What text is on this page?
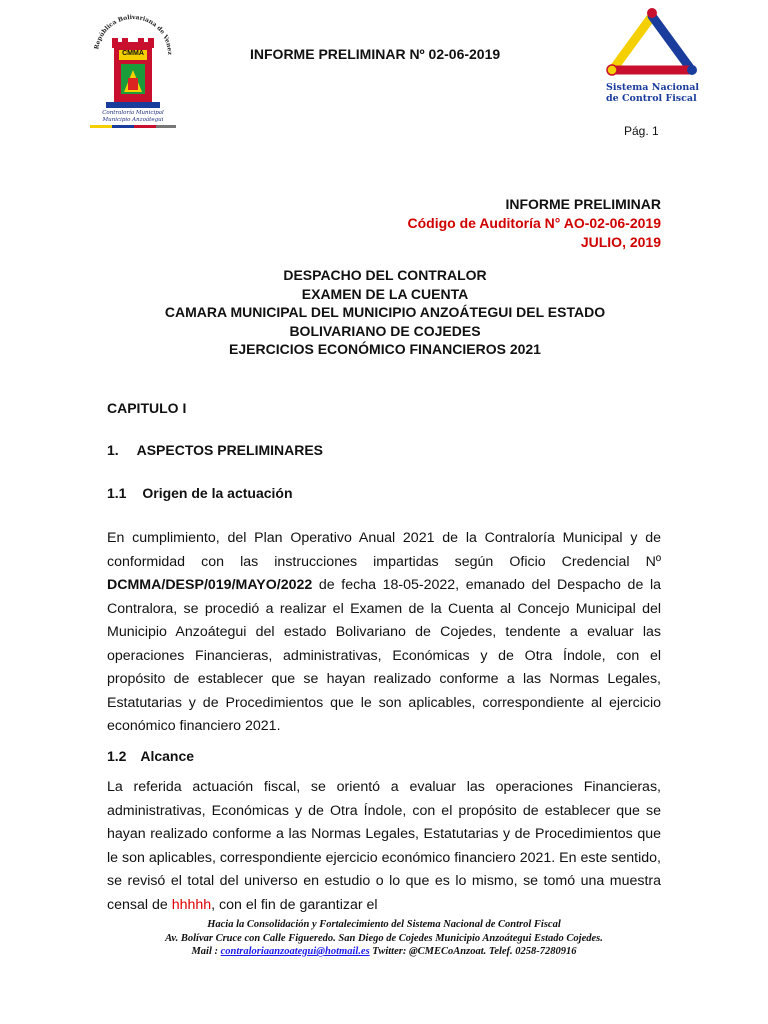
República Bolivariana de Venez
CMMA
Contraloría Municipal Municipio Anzoátegui
INFORME PRELIMINAR Nº 02-06-2019
Sistema Nacional
de Control Fiscal
Pág. 1
INFORME PRELIMINAR
Código de Auditoría N° AO-02-06-2019
JULIO, 2019
DESPACHO DEL CONTRALOR
EXAMEN DE LA CUENTA
CAMARA MUNICIPAL DEL MUNICIPIO ANZOÁTEGUI DEL ESTADO
BOLIVARIANO DE COJEDES
EJERCICIOS ECONÓMICO FINANCIEROS 2021
CAPITULO I
1. ASPECTOS PRELIMINARES
1.1 Origen de la actuación
En cumplimiento, del Plan Operativo Anual 2021 de la Contraloría Municipal y de conformidad con las instrucciones impartidas según Oficio Credencial Nº DCMMA/DESP/019/MAYO/2022 de fecha 18-05-2022, emanado del Despacho de la Contralora, se procedió a realizar el Examen de la Cuenta al Concejo Municipal del Municipio Anzoátegui del estado Bolivariano de Cojedes, tendente a evaluar las operaciones Financieras, administrativas, Económicas y de Otra Índole, con el propósito de establecer que se hayan realizado conforme a las Normas Legales, Estatutarias y de Procedimientos que le son aplicables, correspondiente al ejercicio económico financiero 2021.
1.2 Alcance
La referida actuación fiscal, se orientó a evaluar las operaciones Financieras, administrativas, Económicas y de Otra Índole, con el propósito de establecer que se hayan realizado conforme a las Normas Legales, Estatutarias y de Procedimientos que le son aplicables, correspondiente ejercicio económico financiero 2021. En este sentido, se revisó el total del universo en estudio o lo que es lo mismo, se tomó una muestra censal de hhhhh, con el fin de garantizar el
Hacia la Consolidación y Fortalecimiento del Sistema Nacional de Control Fiscal
Av. Bolívar Cruce con Calle Figueredo. San Diego de Cojedes Municipio Anzoátegui Estado Cojedes.
Mail : contraloriaanzoategui@hotmail.es Twitter: @CMECoAnzoat. Telef. 0258-7280916
